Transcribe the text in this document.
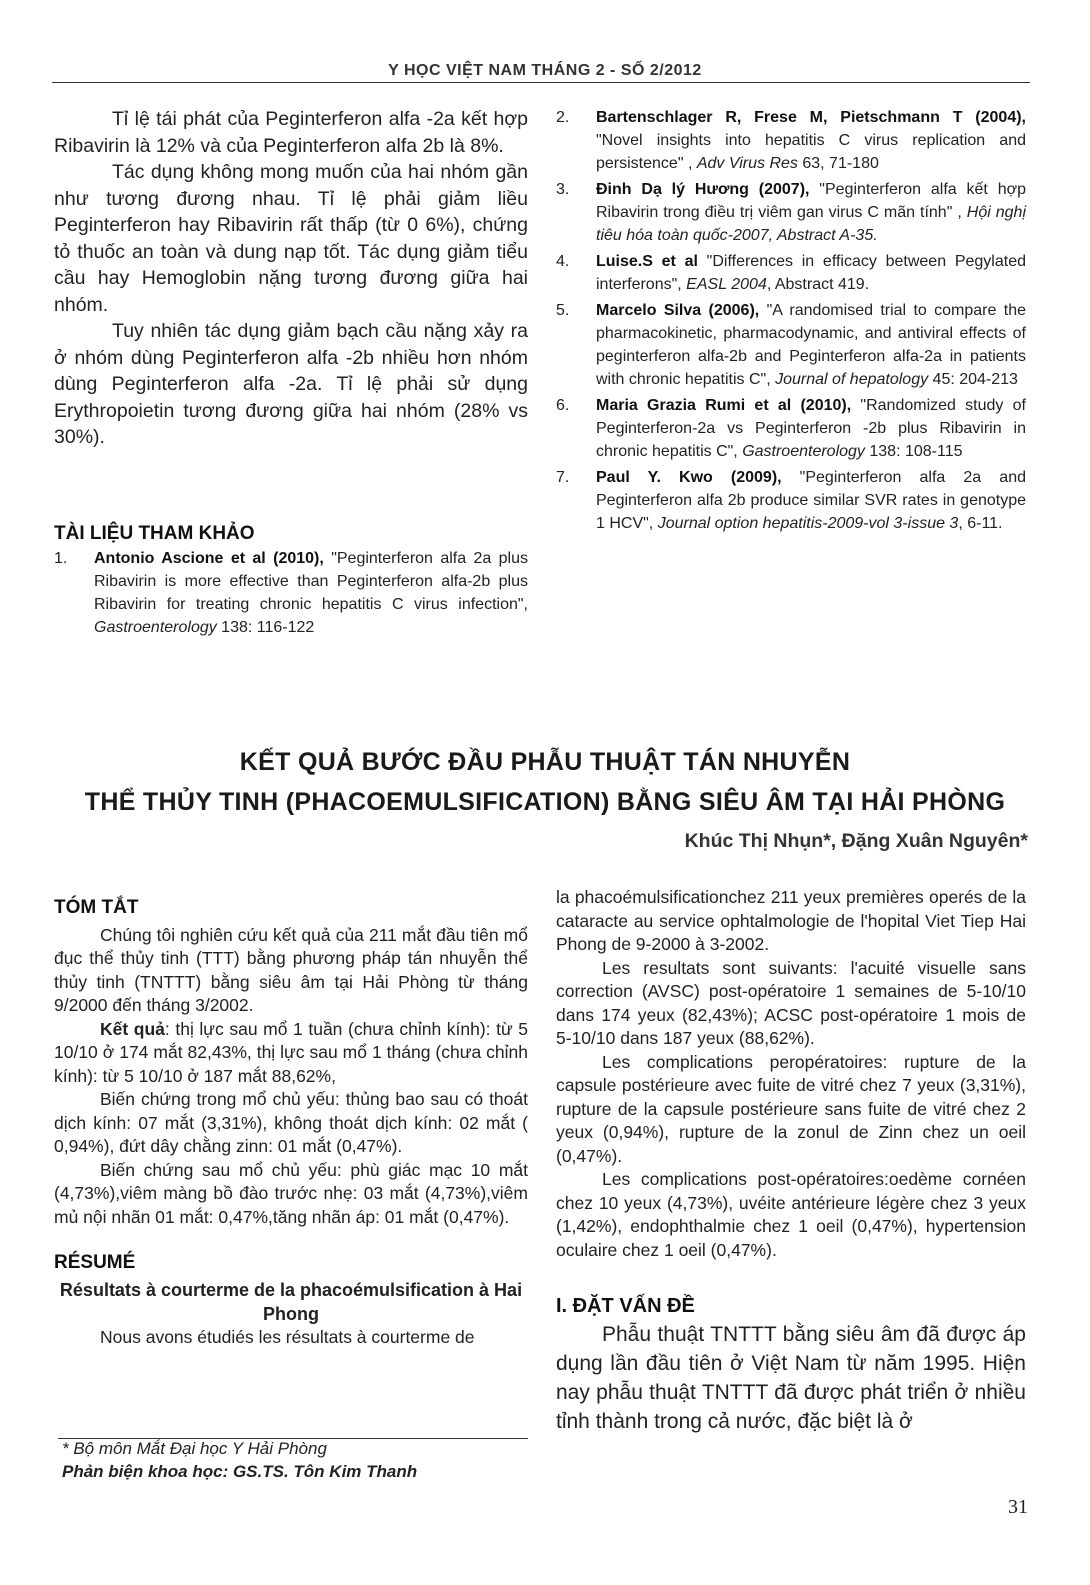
Y HỌC VIỆT NAM THÁNG 2 - SỐ 2/2012

Tỉ lệ tái phát của Peginterferon alfa -2a kết hợp Ribavirin là 12% và của Peginterferon alfa 2b là 8%.

Tác dụng không mong muốn của hai nhóm gần như tương đương nhau. Tỉ lệ phải giảm liều Peginterferon hay Ribavirin rất thấp (từ 0 6%), chứng tỏ thuốc an toàn và dung nạp tốt. Tác dụng giảm tiểu cầu hay Hemoglobin nặng tương đương giữa hai nhóm.

Tuy nhiên tác dụng giảm bạch cầu nặng xảy ra ở nhóm dùng Peginterferon alfa -2b nhiều hơn nhóm dùng Peginterferon alfa -2a. Tỉ lệ phải sử dụng Erythropoietin tương đương giữa hai nhóm (28% vs 30%).

TÀI LIỆU THAM KHẢO

1.	Antonio Ascione et al (2010), "Peginterferon alfa 2a plus Ribavirin is more effective than Peginterferon alfa-2b plus Ribavirin for treating chronic hepatitis C virus infection", Gastroenterology 138: 116-122
2.	Bartenschlager R, Frese M, Pietschmann T (2004), "Novel insights into hepatitis C virus replication and persistence" , Adv Virus Res 63, 71-180
3.	Đinh Dạ lý Hương (2007), "Peginterferon alfa kết hợp Ribavirin trong điều trị viêm gan virus C mãn tính" , Hội nghị tiêu hóa toàn quốc-2007, Abstract A-35.
4.	Luise.S et al "Differences in efficacy between Pegylated interferons", EASL 2004, Abstract 419.
5.	Marcelo Silva (2006), "A randomised trial to compare the pharmacokinetic, pharmacodynamic, and antiviral effects of peginterferon alfa-2b and Peginterferon alfa-2a in patients with chronic hepatitis C", Journal of hepatology 45: 204-213
6.	Maria Grazia Rumi et al (2010), "Randomized study of Peginterferon-2a vs Peginterferon -2b plus Ribavirin in chronic hepatitis C", Gastroenterology 138: 108-115
7.	Paul Y. Kwo (2009), "Peginterferon alfa 2a and Peginterferon alfa 2b produce similar SVR rates in genotype 1 HCV", Journal option hepatitis-2009-vol 3-issue 3, 6-11.
KẾT QUẢ BƯỚC ĐẦU PHẪU THUẬT TÁN NHUYỄN
THỂ THỦY TINH (PHACOEMULSIFICATION) BẰNG SIÊU ÂM TẠI HẢI PHÒNG
Khúc Thị Nhụn*, Đặng Xuân Nguyên*

TÓM TẮT

Chúng tôi nghiên cứu kết quả của 211 mắt đầu tiên mổ đục thể thủy tinh (TTT) bằng phương pháp tán nhuyễn thể thủy tinh (TNTTT) bằng siêu âm tại Hải Phòng từ tháng 9/2000 đến tháng 3/2002.

Kết quả: thị lực sau mổ 1 tuần (chưa chỉnh kính): từ 5 10/10 ở 174 mắt 82,43%, thị lực sau mổ 1 tháng (chưa chỉnh kính): từ 5 10/10 ở 187 mắt 88,62%,

Biến chứng trong mổ chủ yếu: thủng bao sau có thoát dịch kính: 07 mắt (3,31%), không thoát dịch kính: 02 mắt ( 0,94%), đứt dây chằng zinn: 01 mắt (0,47%).

Biến chứng sau mổ chủ yếu: phù giác mạc 10 mắt (4,73%),viêm màng bồ đào trước nhẹ: 03 mắt (4,73%),viêm mủ nội nhãn 01 mắt: 0,47%,tăng nhãn áp: 01 mắt (0,47%).

RÉSUMÉ

Résultats à courterme de la phacoémulsification à Hai Phong

Nous avons étudiés les résultats à courterme de

la phacoémulsificationchez 211 yeux premières operés de la cataracte au service ophtalmologie de l'hopital Viet Tiep Hai Phong de 9-2000 à 3-2002.

Les resultats sont suivants: l'acuité visuelle sans correction (AVSC) post-opératoire 1 semaines de 5-10/10 dans 174 yeux (82,43%); ACSC post-opératoire 1 mois de 5-10/10 dans 187 yeux (88,62%).

Les complications peropératoires: rupture de la capsule postérieure avec fuite de vitré chez 7 yeux (3,31%), rupture de la capsule postérieure sans fuite de vitré chez 2 yeux (0,94%), rupture de la zonul de Zinn chez un oeil (0,47%).

Les complications post-opératoires:oedème cornéen chez 10 yeux (4,73%), uvéite antérieure légère chez 3 yeux (1,42%), endophthalmie chez 1 oeil (0,47%), hypertension oculaire chez 1 oeil (0,47%).

I. ĐẶT VẤN ĐỀ

Phẫu thuật TNTTT bằng siêu âm đã được áp dụng lần đầu tiên ở Việt Nam từ năm 1995. Hiện nay phẫu thuật TNTTT đã được phát triển ở nhiều tỉnh thành trong cả nước, đặc biệt là ở

* Bộ môn Mắt Đại học Y Hải Phòng
Phản biện khoa học: GS.TS. Tôn Kim Thanh
31
